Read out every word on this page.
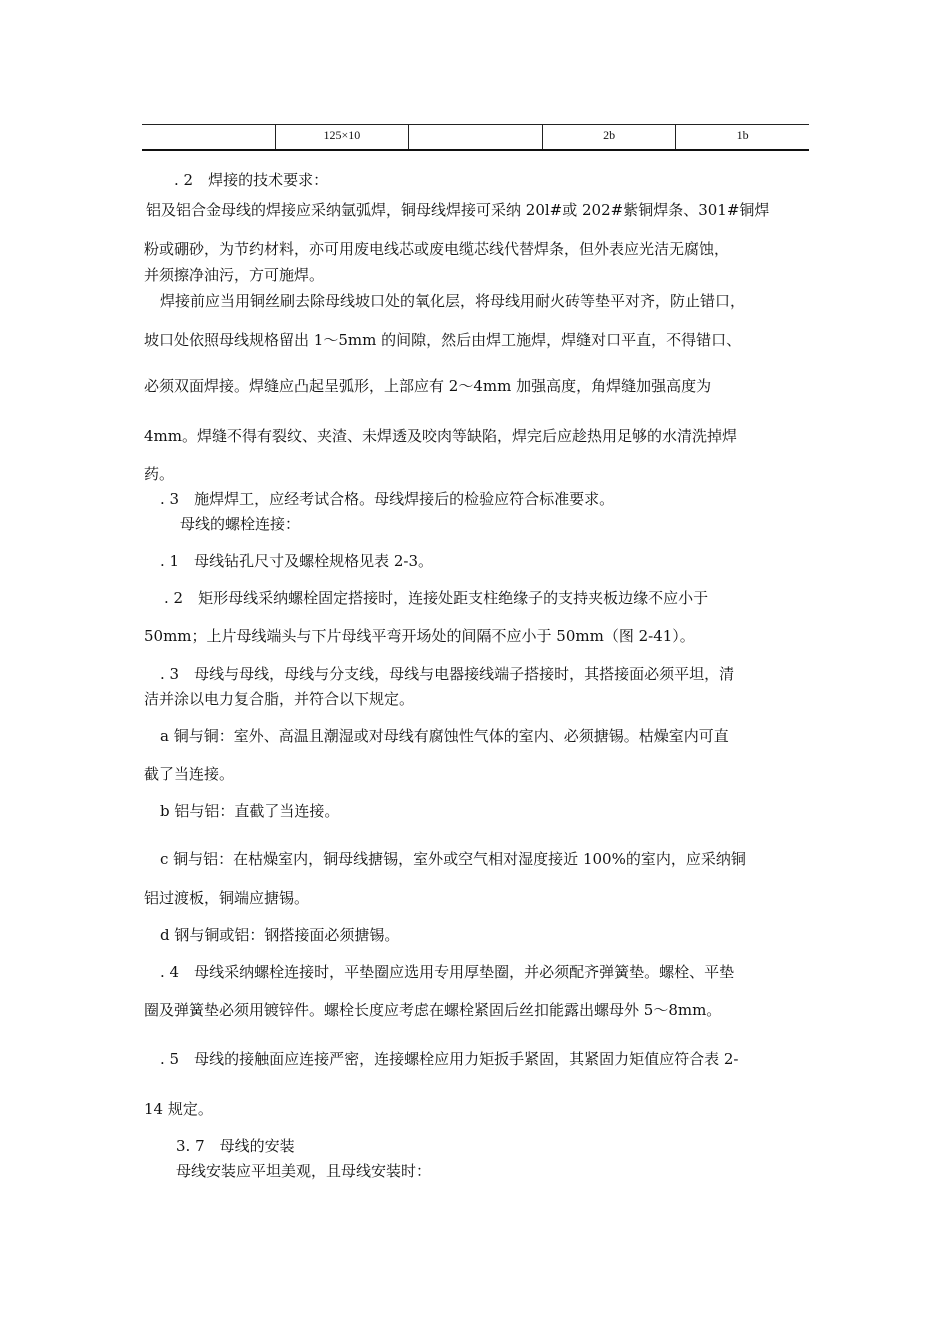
125×10	2b	1b

. 2　焊接的技术要求：

铝及铝合金母线的焊接应采纳氩弧焊，铜母线焊接可采纳 20l#或 202#紫铜焊条、301#铜焊

粉或硼砂，为节约材料，亦可用废电线芯或废电缆芯线代替焊条，但外表应光洁无腐蚀，

并须擦净油污，方可施焊。

焊接前应当用铜丝刷去除母线坡口处的氧化层，将母线用耐火砖等垫平对齐，防止错口，

坡口处依照母线规格留出 1～5mm 的间隙，然后由焊工施焊，焊缝对口平直，不得错口、

必须双面焊接。焊缝应凸起呈弧形，上部应有 2～4mm 加强高度，角焊缝加强高度为

4mm。焊缝不得有裂纹、夹渣、未焊透及咬肉等缺陷，焊完后应趁热用足够的水清洗掉焊

药。

. 3　施焊焊工，应经考试合格。母线焊接后的检验应符合标准要求。

母线的螺栓连接：

. 1　母线钻孔尺寸及螺栓规格见表 2-3。

. 2　矩形母线采纳螺栓固定搭接时，连接处距支柱绝缘子的支持夹板边缘不应小于

50mm；上片母线端头与下片母线平弯开场处的间隔不应小于 50mm（图 2-41）。

. 3　母线与母线，母线与分支线，母线与电器接线端子搭接时，其搭接面必须平坦，清

洁并涂以电力复合脂，并符合以下规定。

a 铜与铜：室外、高温且潮湿或对母线有腐蚀性气体的室内、必须搪锡。枯燥室内可直

截了当连接。

b 铝与铝：直截了当连接。

c 铜与铝：在枯燥室内，铜母线搪锡，室外或空气相对湿度接近 100%的室内，应采纳铜

铝过渡板，铜端应搪锡。

d 钢与铜或铝：钢搭接面必须搪锡。

. 4　母线采纳螺栓连接时，平垫圈应选用专用厚垫圈，并必须配齐弹簧垫。螺栓、平垫

圈及弹簧垫必须用镀锌件。螺栓长度应考虑在螺栓紧固后丝扣能露出螺母外 5～8mm。

. 5　母线的接触面应连接严密，连接螺栓应用力矩扳手紧固，其紧固力矩值应符合表 2-

14 规定。

3. 7　母线的安装

母线安装应平坦美观，且母线安装时：
